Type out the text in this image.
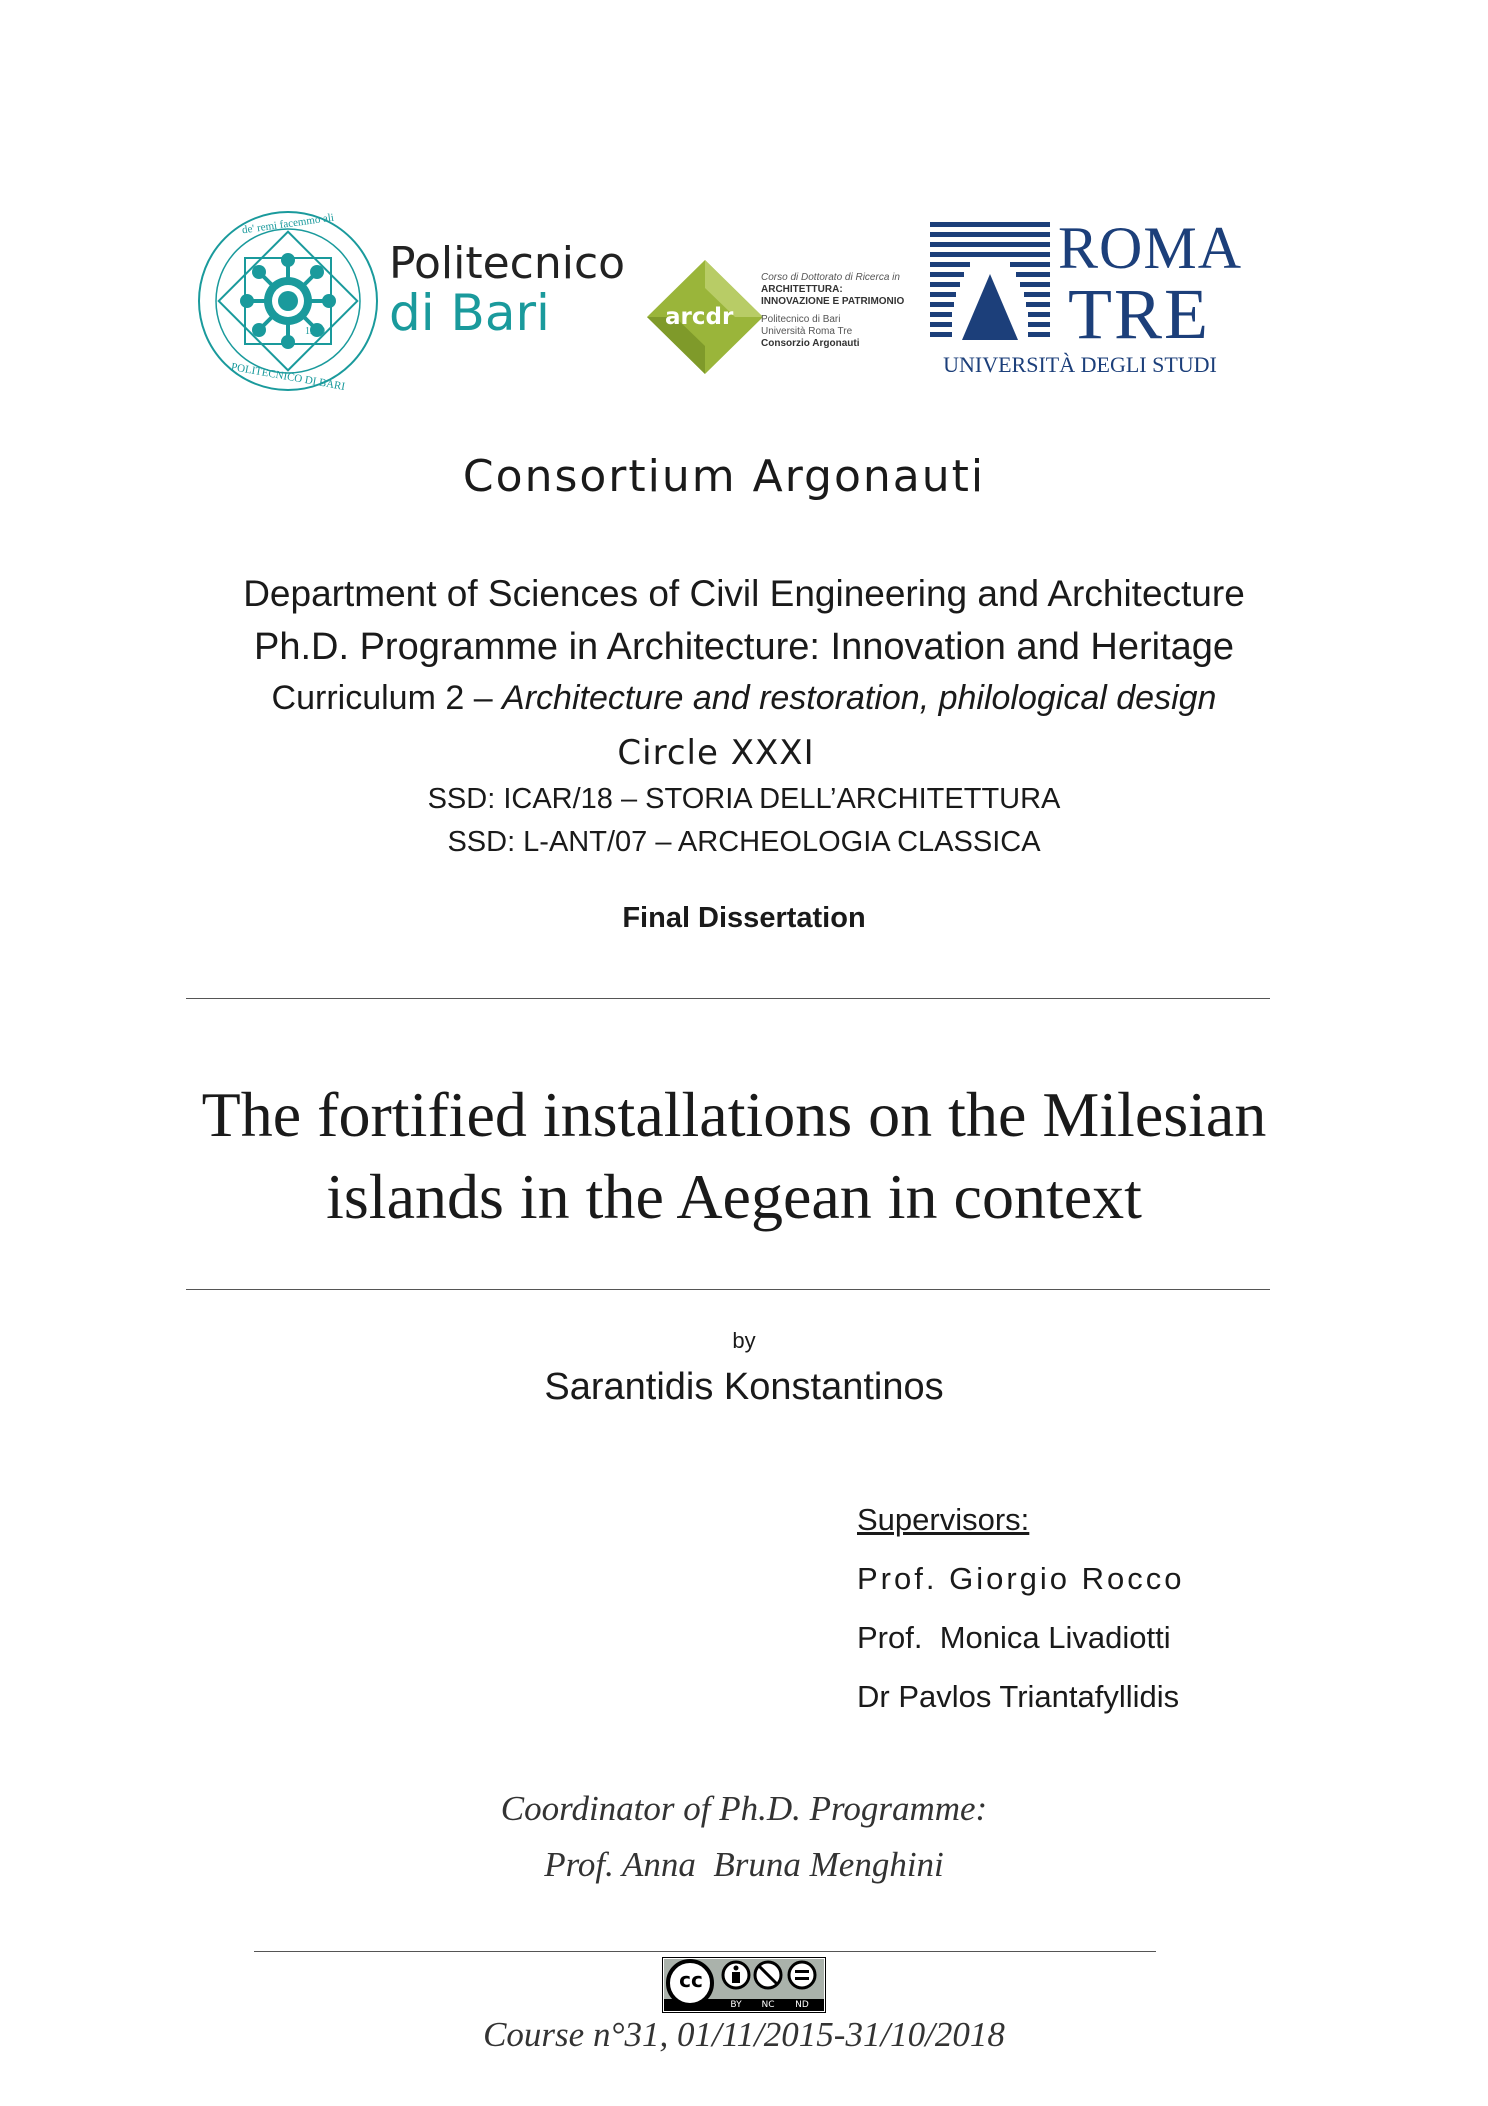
de' remi facemmo ali
1990
POLITECNICO DI BARI
Politecnico
di Bari	arcdr
Corso di Dottorato di Ricerca in
ARCHITETTURA:
INNOVAZIONE E PATRIMONIO
Politecnico di Bari
Università Roma Tre
Consorzio Argonauti
ROMA
TRE
UNIVERSITÀ DEGLI STUDI
Consortium Argonauti
Department of Sciences of Civil Engineering and Architecture
Ph.D. Programme in Architecture: Innovation and Heritage
Curriculum 2 – Architecture and restoration, philological design
Circle XXXI
SSD: ICAR/18 – STORIA DELL’ARCHITETTURA
SSD: L-ANT/07 – ARCHEOLOGIA CLASSICA
Final Dissertation
The fortified installations on the Milesian
islands in the Aegean in context
by
Sarantidis Konstantinos
Supervisors:
Prof. Giorgio Rocco
Prof.  Monica Livadiotti
Dr Pavlos Triantafyllidis
Coordinator of Ph.D. Programme:
Prof. Anna  Bruna Menghini
cc
BY	NC	ND
Course n°31, 01/11/2015-31/10/2018
